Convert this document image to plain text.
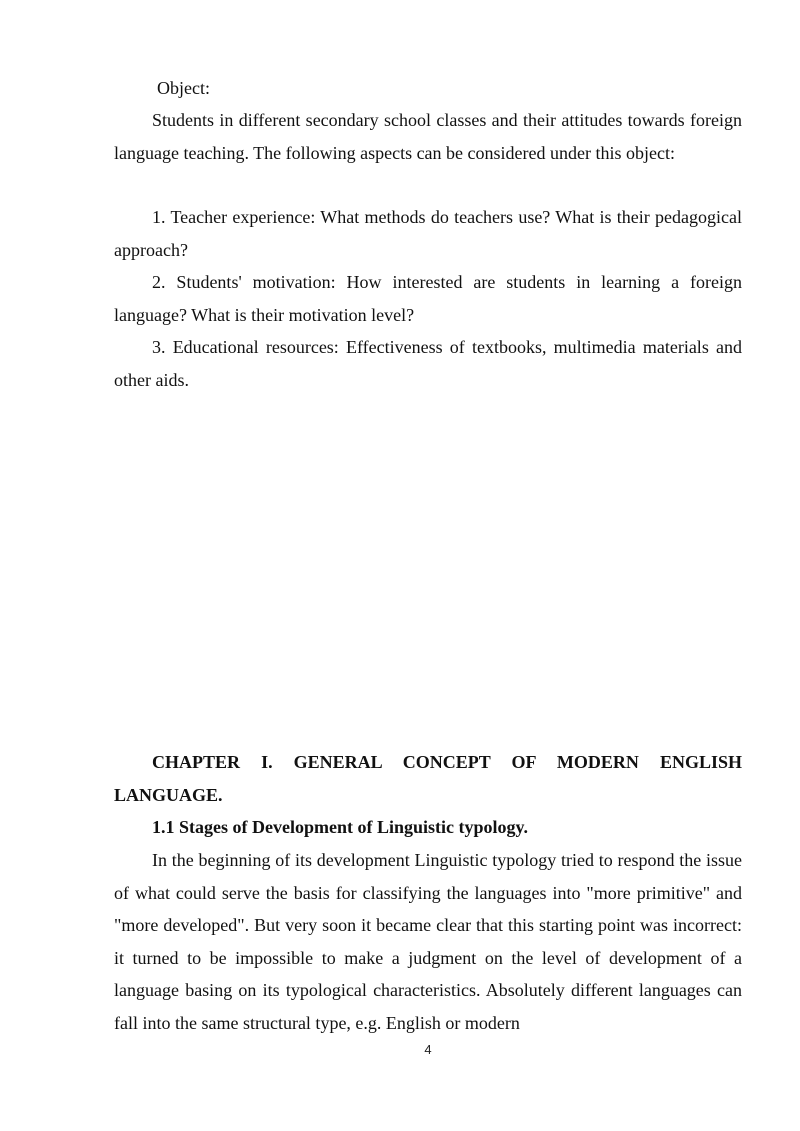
Object:

Students in different secondary school classes and their attitudes towards foreign language teaching. The following aspects can be considered under this object:

1. Teacher experience: What methods do teachers use? What is their pedagogical approach?

2. Students' motivation: How interested are students in learning a foreign language? What is their motivation level?

3. Educational resources: Effectiveness of textbooks, multimedia materials and other aids.

CHAPTER I. GENERAL CONCEPT OF MODERN ENGLISH LANGUAGE.

1.1 Stages of Development of Linguistic typology.

In the beginning of its development Linguistic typology tried to respond the issue of what could serve the basis for classifying the languages into "more primitive" and "more developed". But very soon it became clear that this starting point was incorrect: it turned to be impossible to make a judgment on the level of development of a language basing on its typological characteristics. Absolutely different languages can fall into the same structural type, e.g. English or modern

4
